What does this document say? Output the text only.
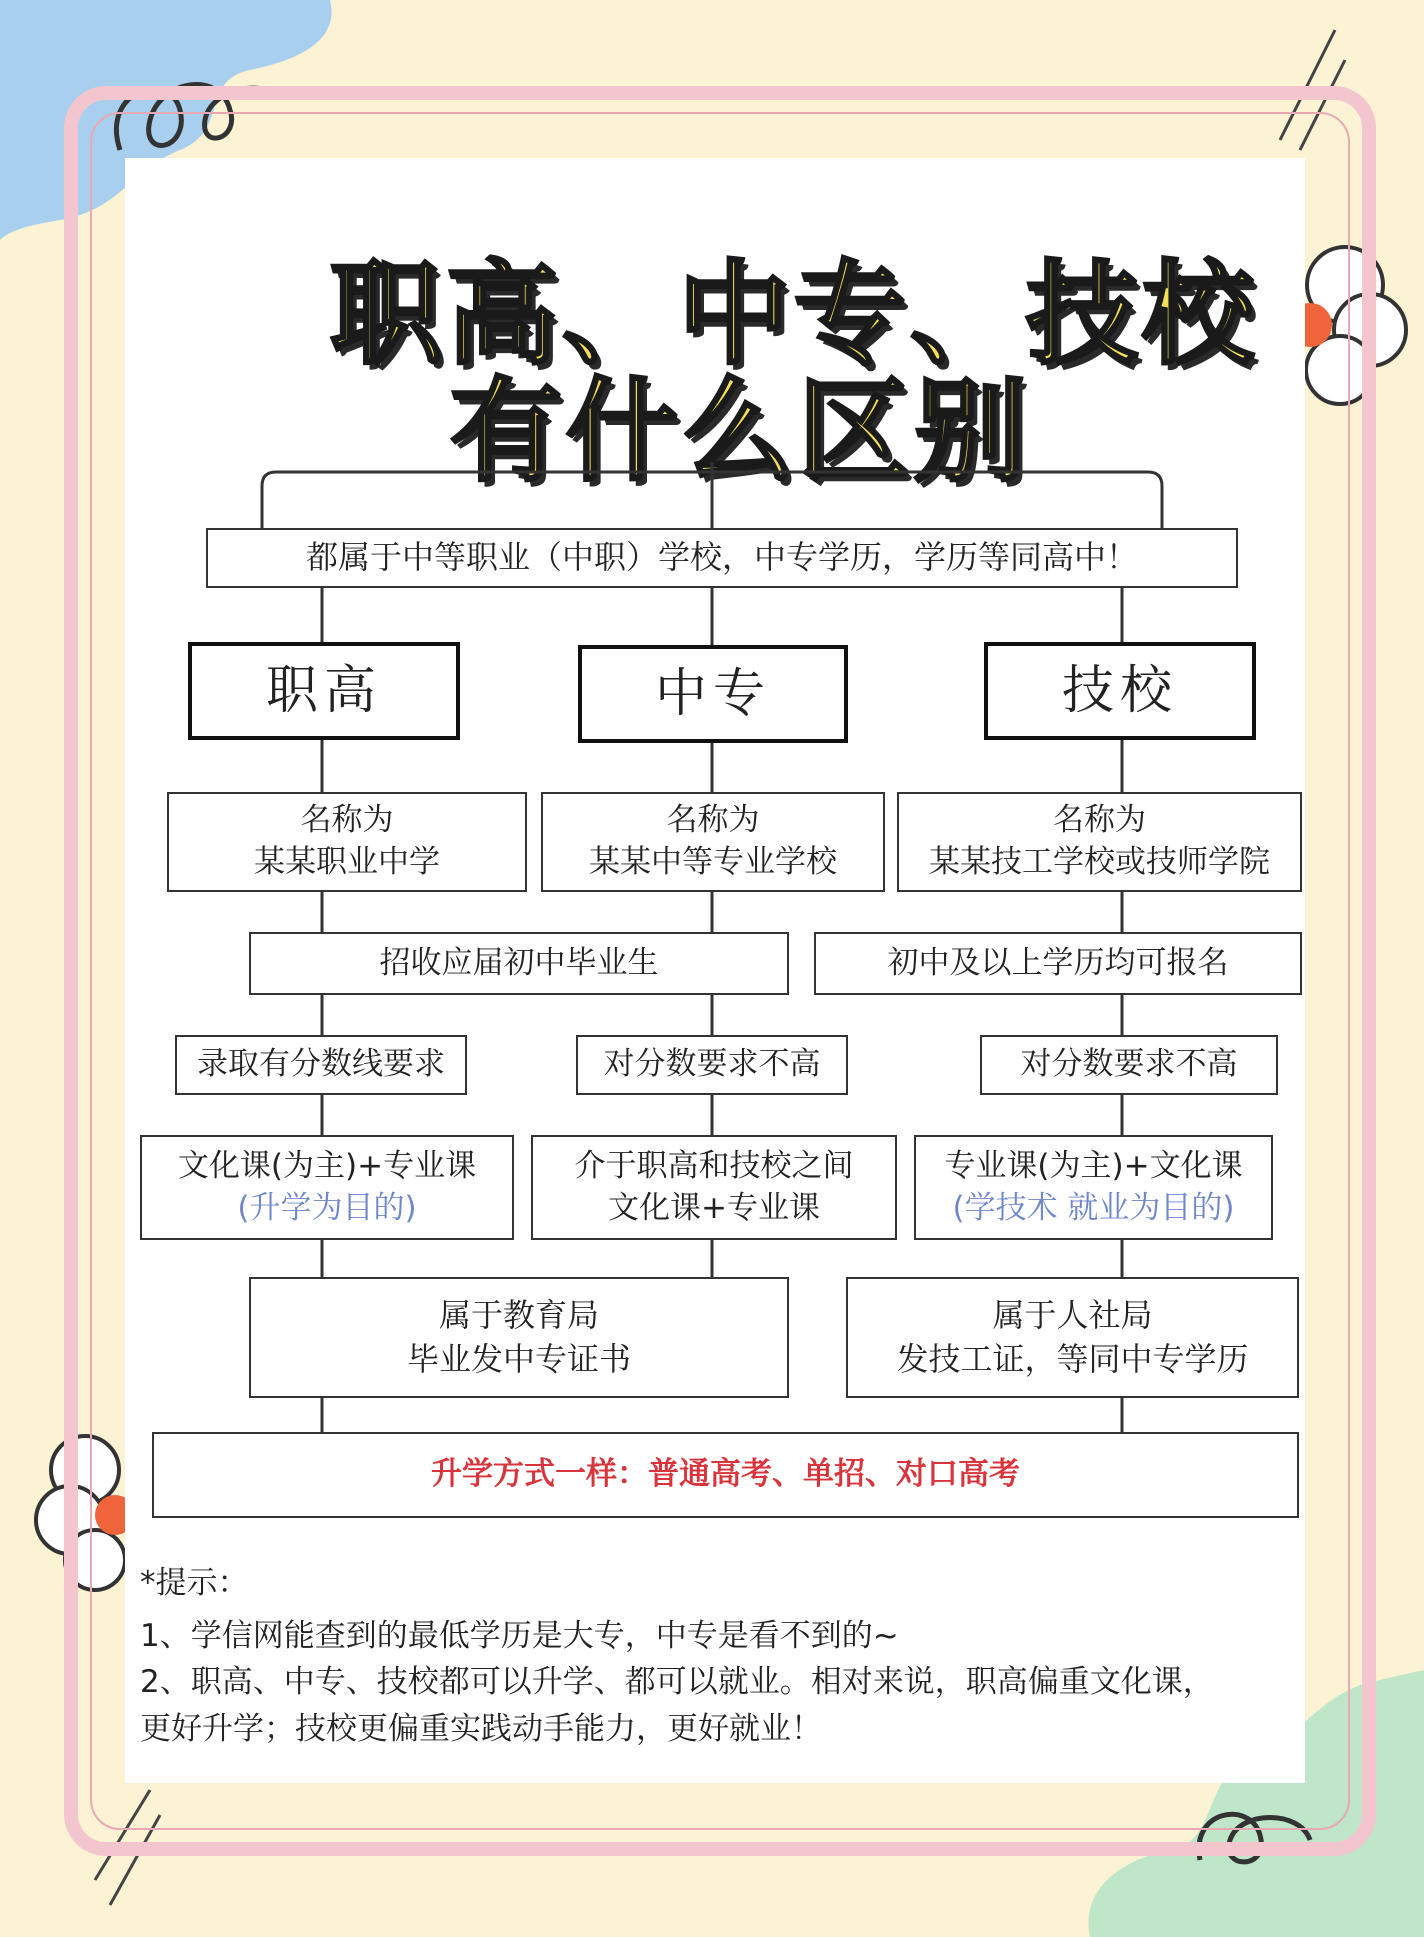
职高、中专、技校
有什么区别
都属于中等职业（中职）学校，中专学历，学历等同高中！
职高	中专	技校
名称为
某某职业中学
名称为
某某中等专业学校
名称为
某某技工学校或技师学院
招收应届初中毕业生	初中及以上学历均可报名
录取有分数线要求	对分数要求不高	对分数要求不高
文化课(为主)+专业课
(升学为目的)
介于职高和技校之间
文化课+专业课
专业课(为主)+文化课
(学技术 就业为目的)
属于教育局
毕业发中专证书
属于人社局
发技工证，等同中专学历
升学方式一样：普通高考、单招、对口高考
*提示：
1、学信网能查到的最低学历是大专，中专是看不到的~
2、职高、中专、技校都可以升学、都可以就业。相对来说，职高偏重文化课，
更好升学；技校更偏重实践动手能力，更好就业！
